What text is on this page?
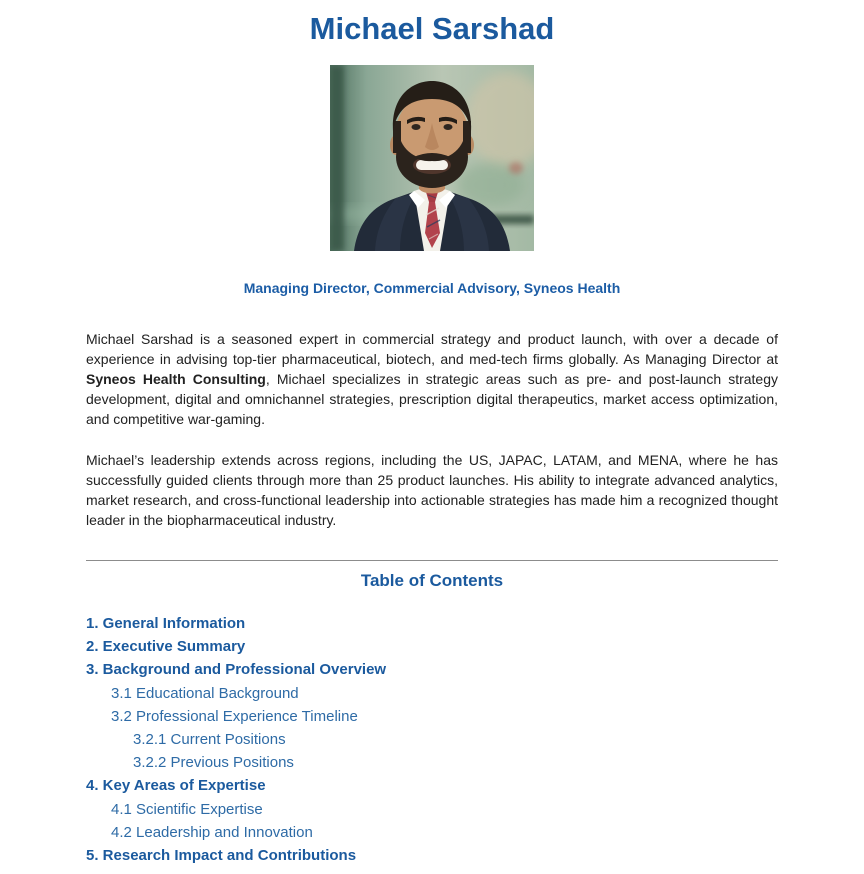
Michael Sarshad
Managing Director, Commercial Advisory, Syneos Health

Michael Sarshad is a seasoned expert in commercial strategy and product launch, with over a decade of experience in advising top-tier pharmaceutical, biotech, and med-tech firms globally. As Managing Director at Syneos Health Consulting, Michael specializes in strategic areas such as pre- and post-launch strategy development, digital and omnichannel strategies, prescription digital therapeutics, market access optimization, and competitive war-gaming.

Michael’s leadership extends across regions, including the US, JAPAC, LATAM, and MENA, where he has successfully guided clients through more than 25 product launches. His ability to integrate advanced analytics, market research, and cross-functional leadership into actionable strategies has made him a recognized thought leader in the biopharmaceutical industry.

Table of Contents
1. General Information
2. Executive Summary
3. Background and Professional Overview
3.1 Educational Background
3.2 Professional Experience Timeline
3.2.1 Current Positions
3.2.2 Previous Positions
4. Key Areas of Expertise
4.1 Scientific Expertise
4.2 Leadership and Innovation
5. Research Impact and Contributions
